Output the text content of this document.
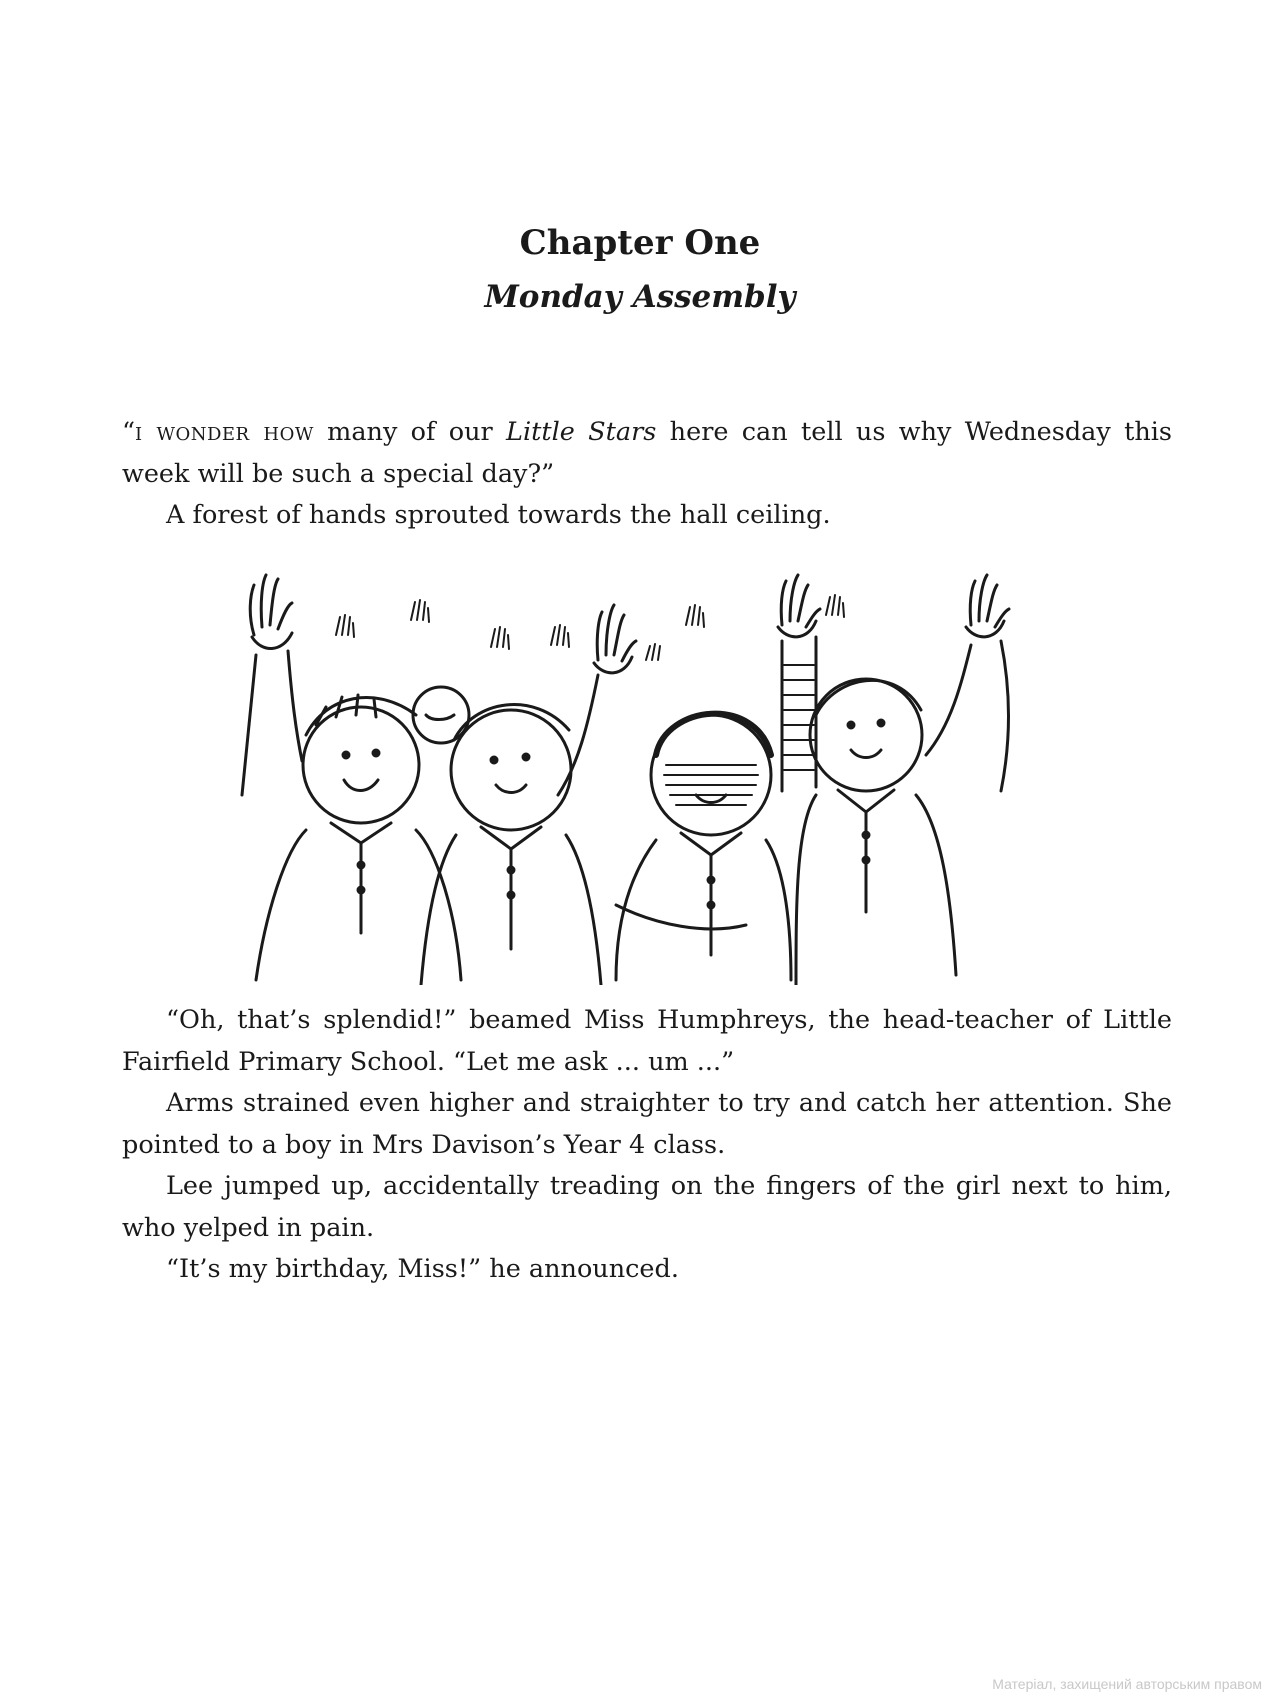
Chapter One
Monday Assembly

“i wonder how many of our Little Stars here can tell us why Wednesday this week will be such a special day?”

A forest of hands sprouted towards the hall ceiling.

“Oh, that’s splendid!” beamed Miss Humphreys, the head-teacher of Little Fairfield Primary School. “Let me ask ... um ...”

Arms strained even higher and straighter to try and catch her attention. She pointed to a boy in Mrs Davison’s Year 4 class.

Lee jumped up, accidentally treading on the fingers of the girl next to him, who yelped in pain.

“It’s my birthday, Miss!” he announced.

Матеріал, захищений авторським правом
